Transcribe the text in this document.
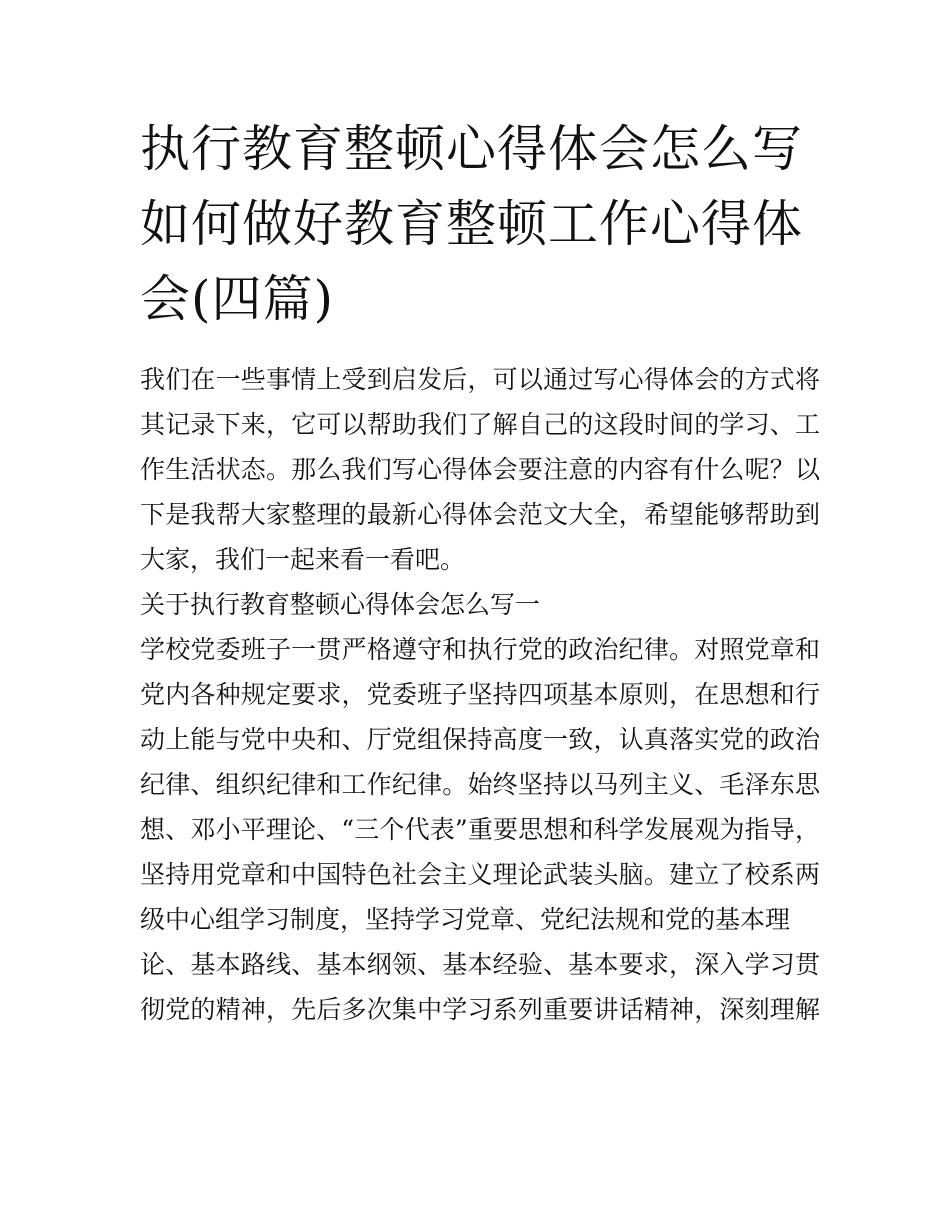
执行教育整顿心得体会怎么写
如何做好教育整顿工作心得体
会(四篇)
我们在一些事情上受到启发后，可以通过写心得体会的方式将
其记录下来，它可以帮助我们了解自己的这段时间的学习、工
作生活状态。那么我们写心得体会要注意的内容有什么呢？以
下是我帮大家整理的最新心得体会范文大全，希望能够帮助到
大家，我们一起来看一看吧。
关于执行教育整顿心得体会怎么写一
学校党委班子一贯严格遵守和执行党的政治纪律。对照党章和
党内各种规定要求，党委班子坚持四项基本原则，在思想和行
动上能与党中央和、厅党组保持高度一致，认真落实党的政治
纪律、组织纪律和工作纪律。始终坚持以马列主义、毛泽东思
想、邓小平理论、“三个代表”重要思想和科学发展观为指导，
坚持用党章和中国特色社会主义理论武装头脑。建立了校系两
级中心组学习制度，坚持学习党章、党纪法规和党的基本理
论、基本路线、基本纲领、基本经验、基本要求，深入学习贯
彻党的精神，先后多次集中学习系列重要讲话精神，深刻理解
